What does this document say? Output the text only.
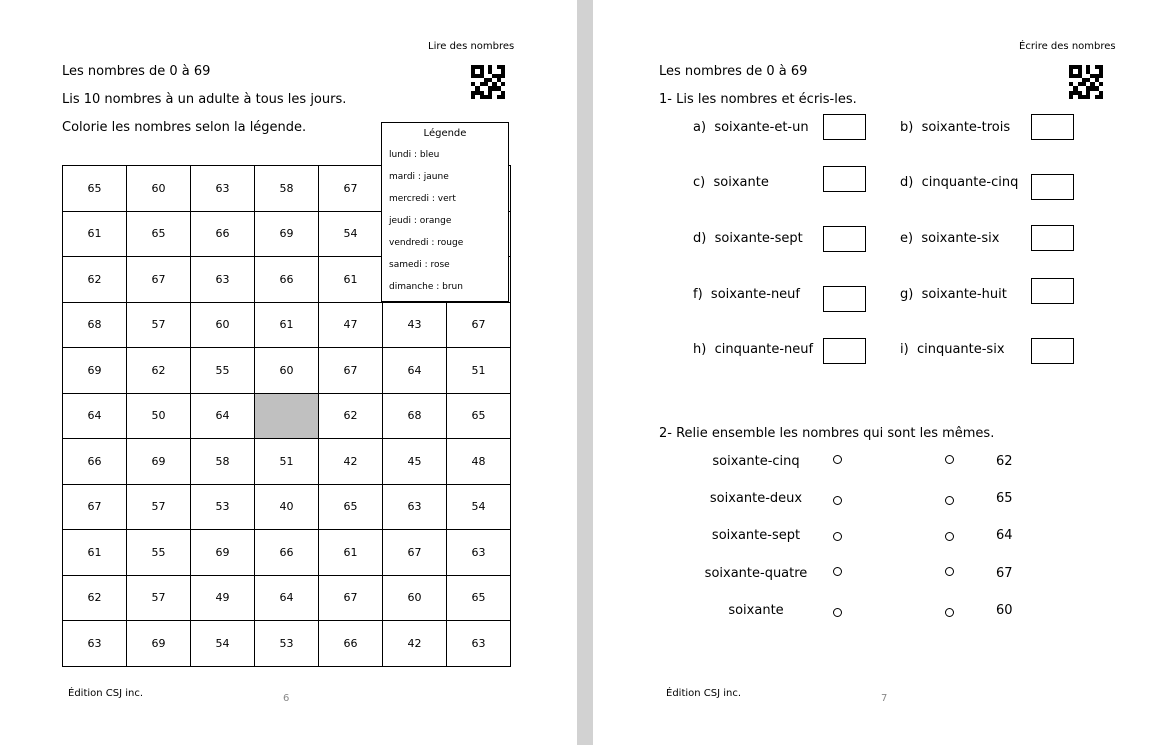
Lire des nombres
Les nombres de 0 à 69
Lis 10 nombres à un adulte à tous les jours.
Colorie les nombres selon la légende.
65	60	63	58	67		
61	65	66	69	54		
62	67	63	66	61		
68	57	60	61	47	43	67
69	62	55	60	67	64	51
64	50	64		62	68	65
66	69	58	51	42	45	48
67	57	53	40	65	63	54
61	55	69	66	61	67	63
62	57	49	64	67	60	65
63	69	54	53	66	42	63
Légende
lundi : bleu
mardi : jaune
mercredi : vert
jeudi : orange
vendredi : rouge
samedi : rose
dimanche : brun
Édition CSJ inc.	6
Écrire des nombres
Les nombres de 0 à 69
1- Lis les nombres et écris-les.
a) soixante-et-un	b) soixante-trois
c) soixante	d) cinquante-cinq
d) soixante-sept	e) soixante-six
f) soixante-neuf	g) soixante-huit
h) cinquante-neuf	i) cinquante-six
2- Relie ensemble les nombres qui sont les mêmes.
soixante-cinq
soixante-deux
soixante-sept
soixante-quatre
soixante
62
65
64
67
60
Édition CSJ inc.	7
